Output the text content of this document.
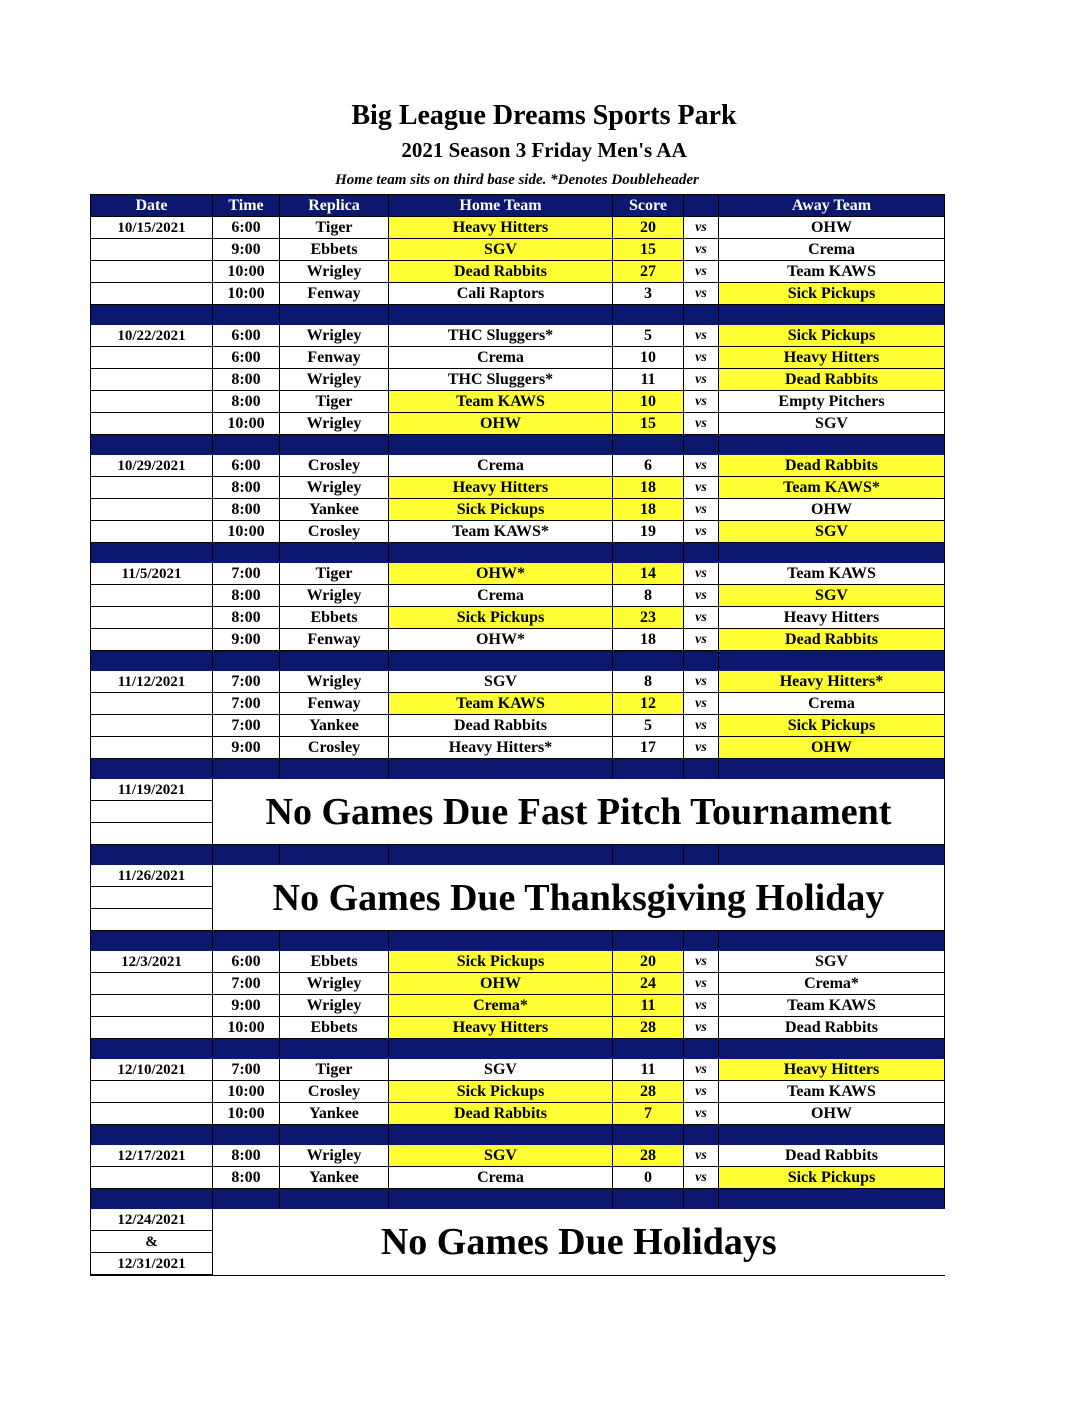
Big League Dreams Sports Park
2021 Season 3 Friday Men's AA
Home team sits on third base side. *Denotes Doubleheader
Date	Time	Replica	Home Team	Score		Away Team
10/15/2021	6:00	Tiger	Heavy Hitters	20	vs	OHW
	9:00	Ebbets	SGV	15	vs	Crema
	10:00	Wrigley	Dead Rabbits	27	vs	Team KAWS
	10:00	Fenway	Cali Raptors	3	vs	Sick Pickups

10/22/2021	6:00	Wrigley	THC Sluggers*	5	vs	Sick Pickups
	6:00	Fenway	Crema	10	vs	Heavy Hitters
	8:00	Wrigley	THC Sluggers*	11	vs	Dead Rabbits
	8:00	Tiger	Team KAWS	10	vs	Empty Pitchers
	10:00	Wrigley	OHW	15	vs	SGV

10/29/2021	6:00	Crosley	Crema	6	vs	Dead Rabbits
	8:00	Wrigley	Heavy Hitters	18	vs	Team KAWS*
	8:00	Yankee	Sick Pickups	18	vs	OHW
	10:00	Crosley	Team KAWS*	19	vs	SGV

11/5/2021	7:00	Tiger	OHW*	14	vs	Team KAWS
	8:00	Wrigley	Crema	8	vs	SGV
	8:00	Ebbets	Sick Pickups	23	vs	Heavy Hitters
	9:00	Fenway	OHW*	18	vs	Dead Rabbits

11/12/2021	7:00	Wrigley	SGV	8	vs	Heavy Hitters*
	7:00	Fenway	Team KAWS	12	vs	Crema
	7:00	Yankee	Dead Rabbits	5	vs	Sick Pickups
	9:00	Crosley	Heavy Hitters*	17	vs	OHW

11/19/2021	No Games Due Fast Pitch Tournament					

11/26/2021	No Games Due Thanksgiving Holiday					

12/3/2021	6:00	Ebbets	Sick Pickups	20	vs	SGV
	7:00	Wrigley	OHW	24	vs	Crema*
	9:00	Wrigley	Crema*	11	vs	Team KAWS
	10:00	Ebbets	Heavy Hitters	28	vs	Dead Rabbits

12/10/2021	7:00	Tiger	SGV	11	vs	Heavy Hitters
	10:00	Crosley	Sick Pickups	28	vs	Team KAWS
	10:00	Yankee	Dead Rabbits	7	vs	OHW

12/17/2021	8:00	Wrigley	SGV	28	vs	Dead Rabbits
	8:00	Yankee	Crema	0	vs	Sick Pickups

12/24/2021	No Games Due Holidays					
&						
12/31/2021						
